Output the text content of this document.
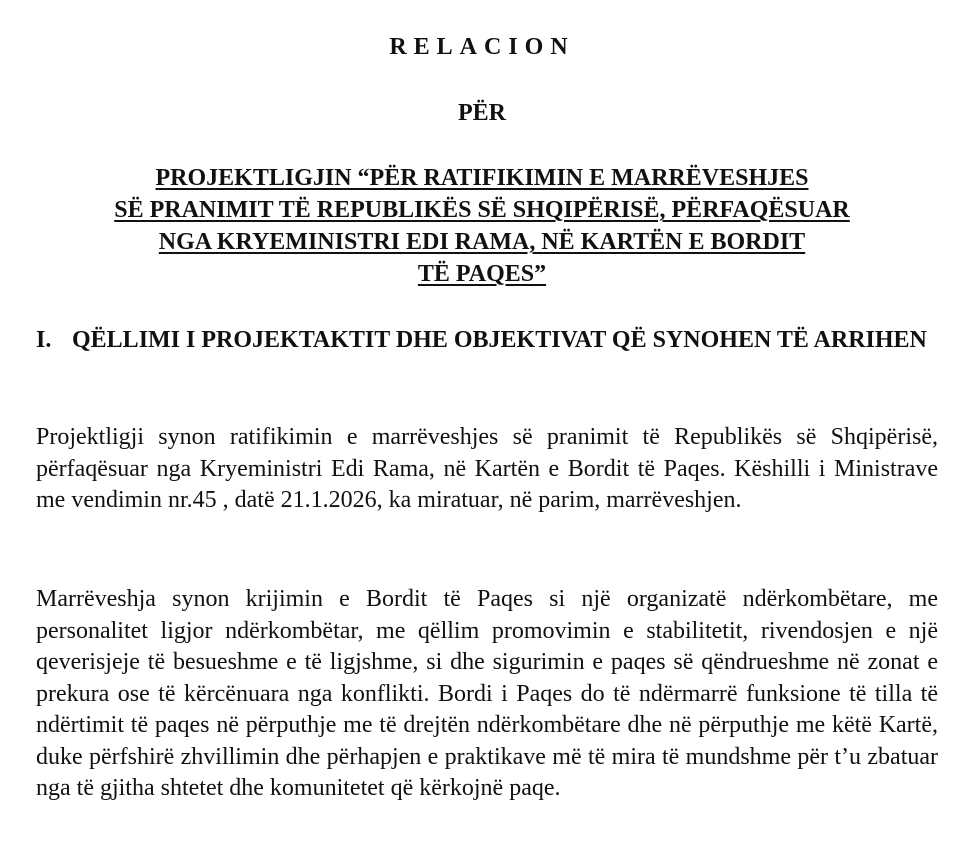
RELACION
PËR
PROJEKTLIGJIN “PËR RATIFIKIMIN E MARRËVESHJES
SË PRANIMIT TË REPUBLIKËS SË SHQIPËRISË, PËRFAQËSUAR
NGA KRYEMINISTRI EDI RAMA, NË KARTËN E BORDIT
TË PAQES”
I. QËLLIMI I PROJEKTAKTIT DHE OBJEKTIVAT QË SYNOHEN TË ARRIHEN

Projektligji synon ratifikimin e marrëveshjes së pranimit të Republikës së Shqipërisë, përfaqësuar nga Kryeministri Edi Rama, në Kartën e Bordit të Paqes. Këshilli i Ministrave me vendimin nr.45 , datë 21.1.2026, ka miratuar, në parim, marrëveshjen.

Marrëveshja synon krijimin e Bordit të Paqes si një organizatë ndërkombëtare, me personalitet ligjor ndërkombëtar, me qëllim promovimin e stabilitetit, rivendosjen e një qeverisjeje të besueshme e të ligjshme, si dhe sigurimin e paqes së qëndrueshme në zonat e prekura ose të kërcënuara nga konflikti. Bordi i Paqes do të ndërmarrë funksione të tilla të ndërtimit të paqes në përputhje me të drejtën ndërkombëtare dhe në përputhje me këtë Kartë, duke përfshirë zhvillimin dhe përhapjen e praktikave më të mira të mundshme për t’u zbatuar nga të gjitha shtetet dhe komunitetet që kërkojnë paqe.
